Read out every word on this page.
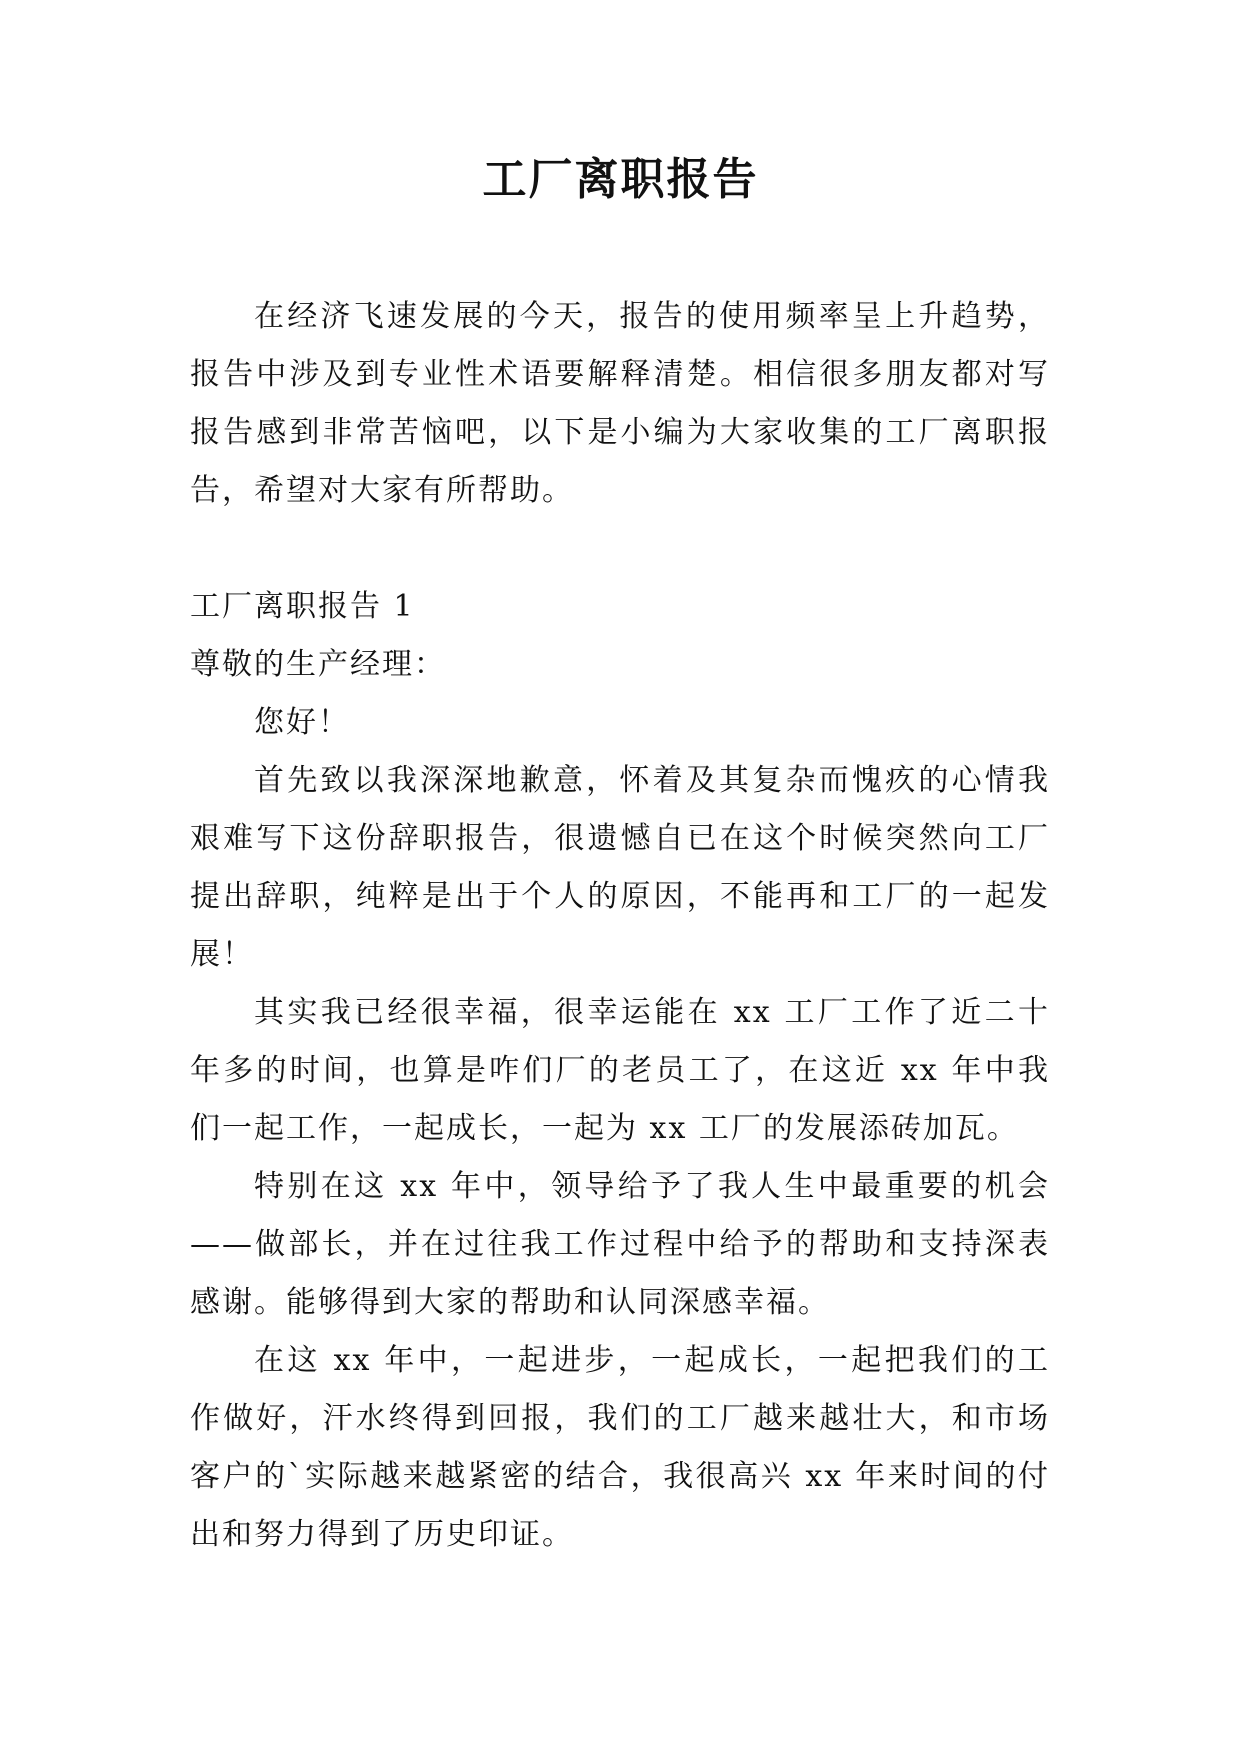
工厂离职报告

在经济飞速发展的今天，报告的使用频率呈上升趋势，报告中涉及到专业性术语要解释清楚。相信很多朋友都对写报告感到非常苦恼吧，以下是小编为大家收集的工厂离职报告，希望对大家有所帮助。

工厂离职报告 1

尊敬的生产经理：

您好！

首先致以我深深地歉意，怀着及其复杂而愧疚的心情我艰难写下这份辞职报告，很遗憾自已在这个时候突然向工厂提出辞职，纯粹是出于个人的原因，不能再和工厂的一起发展！

其实我已经很幸福，很幸运能在 xx 工厂工作了近二十年多的时间，也算是咋们厂的老员工了，在这近 xx 年中我们一起工作，一起成长，一起为 xx 工厂的发展添砖加瓦。

特别在这 xx 年中，领导给予了我人生中最重要的机会——做部长，并在过往我工作过程中给予的帮助和支持深表感谢。能够得到大家的帮助和认同深感幸福。

在这 xx 年中，一起进步，一起成长，一起把我们的工作做好，汗水终得到回报，我们的工厂越来越壮大，和市场客户的`实际越来越紧密的结合，我很高兴 xx 年来时间的付出和努力得到了历史印证。
